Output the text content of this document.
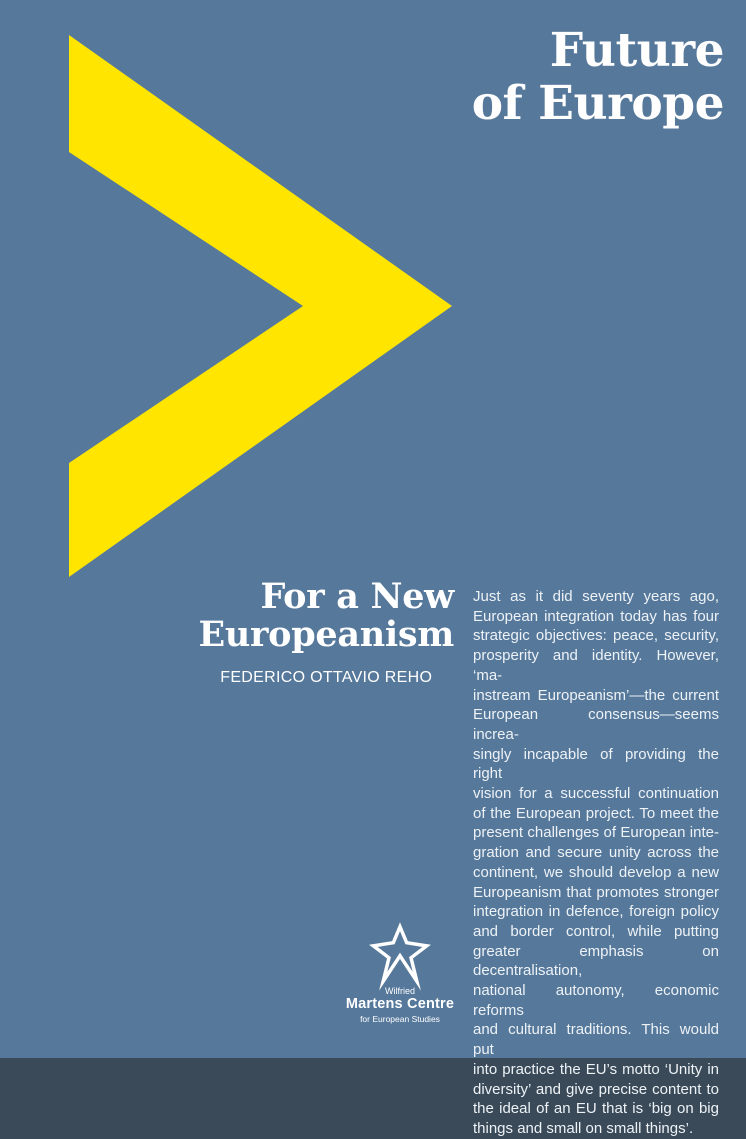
Future
of Europe
For a New
Europeanism
FEDERICO OTTAVIO REHO
Just as it did seventy years ago,
European integration today has four
strategic objectives: peace, security,
prosperity and identity. However, ‘ma-
instream Europeanism’—the current
European consensus—seems increa-
singly incapable of providing the right
vision for a successful continuation
of the European project. To meet the
present challenges of European inte-
gration and secure unity across the
continent, we should develop a new
Europeanism that promotes stronger
integration in defence, foreign policy
and border control, while putting
greater emphasis on decentralisation,
national autonomy, economic reforms
and cultural traditions. This would put
into practice the EU’s motto ‘Unity in
diversity’ and give precise content to
the ideal of an EU that is ‘big on big
things and small on small things’.
Wilfried
Martens Centre
for European Studies
